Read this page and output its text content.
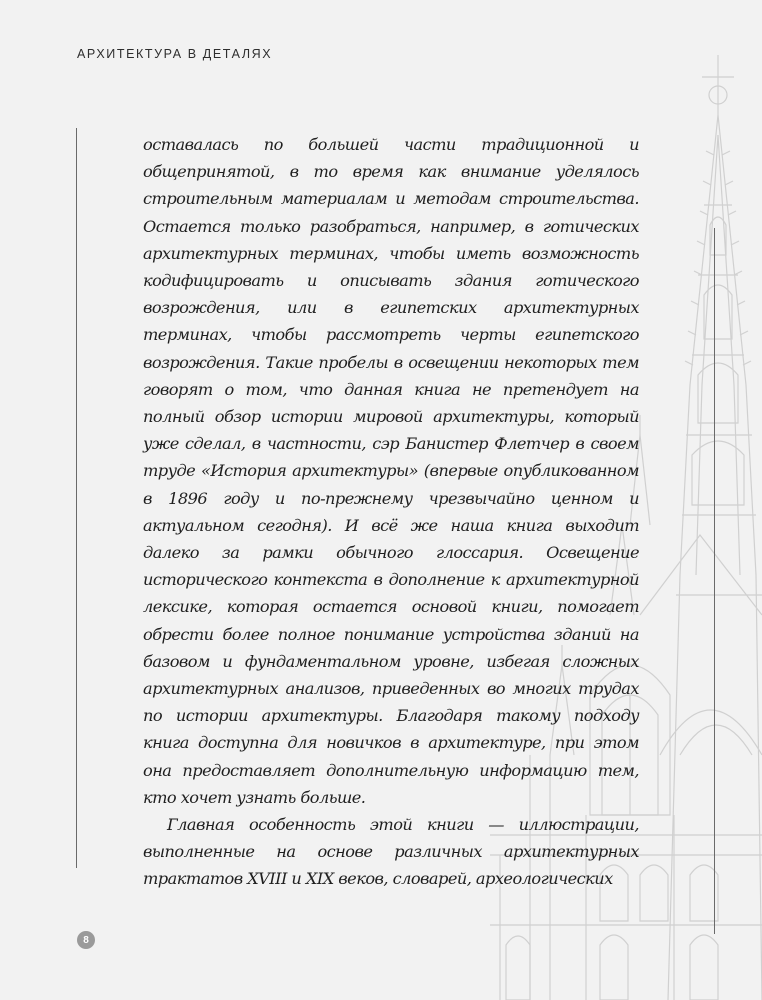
АРХИТЕКТУРА В ДЕТАЛЯХ

оставалась по большей части традиционной и общепринятой, в то время как внимание уделялось строительным материалам и методам строительства. Остается только разобраться, например, в готических архитектурных терминах, чтобы иметь возможность кодифицировать и описывать здания готического возрождения, или в египетских архитектурных терминах, чтобы рассмотреть черты египетского возрождения. Такие пробелы в освещении некоторых тем говорят о том, что данная книга не претендует на полный обзор истории мировой архитектуры, который уже сделал, в частности, сэр Банистер Флетчер в своем труде «История архитектуры» (впервые опубликованном в 1896 году и по-прежнему чрезвычайно ценном и актуальном сегодня). И всё же наша книга выходит далеко за рамки обычного глоссария. Освещение исторического контекста в дополнение к архитектурной лексике, которая остается основой книги, помогает обрести более полное понимание устройства зданий на базовом и фундаментальном уровне, избегая сложных архитектурных анализов, приведенных во многих трудах по истории архитектуры. Благодаря такому подходу книга доступна для новичков в архитектуре, при этом она предоставляет дополнительную информацию тем, кто хочет узнать больше.

Главная особенность этой книги — иллюстрации, выполненные на основе различных архитектурных трактатов XVIII и XIX веков, словарей, археологических

8
